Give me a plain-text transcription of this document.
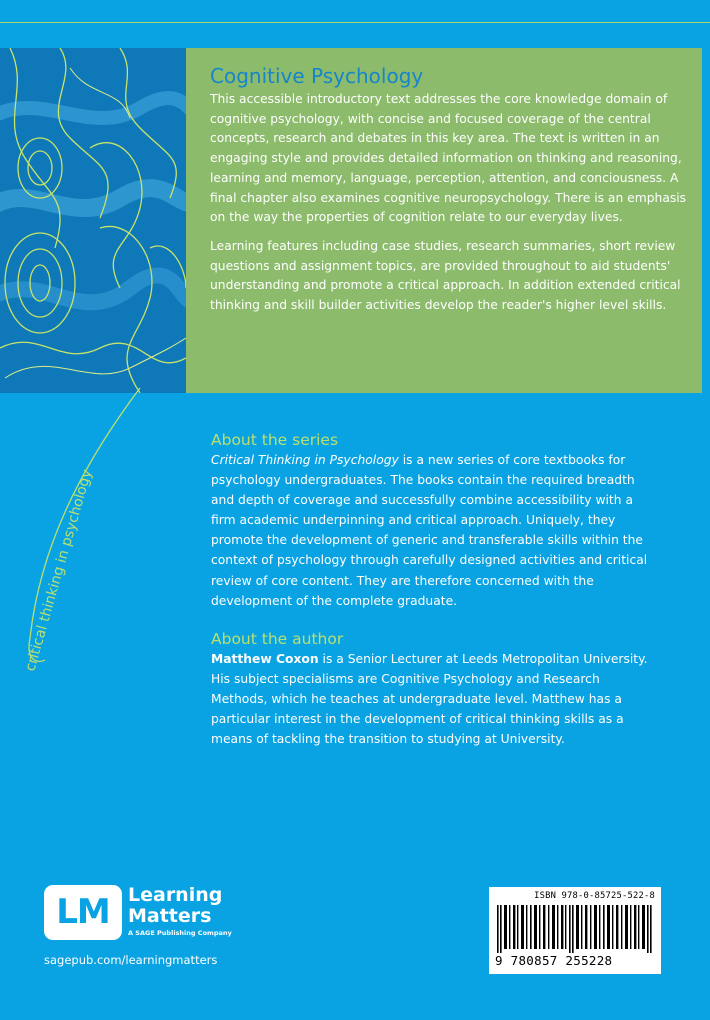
Cognitive Psychology

This accessible introductory text addresses the core knowledge domain of cognitive psychology, with concise and focused coverage of the central concepts, research and debates in this key area. The text is written in an engaging style and provides detailed information on thinking and reasoning, learning and memory, language, perception, attention, and conciousness. A final chapter also examines cognitive neuropsychology. There is an emphasis on the way the properties of cognition relate to our everyday lives.

Learning features including case studies, research summaries, short review questions and assignment topics, are provided throughout to aid students' understanding and promote a critical approach. In addition extended critical thinking and skill builder activities develop the reader's higher level skills.

critical thinking in psychology
About the series

Critical Thinking in Psychology is a new series of core textbooks for psychology undergraduates. The books contain the required breadth and depth of coverage and successfully combine accessibility with a firm academic underpinning and critical approach. Uniquely, they promote the development of generic and transferable skills within the context of psychology through carefully designed activities and critical review of core content. They are therefore concerned with the development of the complete graduate.

About the author

Matthew Coxon is a Senior Lecturer at Leeds Metropolitan University. His subject specialisms are Cognitive Psychology and Research Methods, which he teaches at undergraduate level. Matthew has a particular interest in the development of critical thinking skills as a means of tackling the transition to studying at University.

LM Learning Matters
A SAGE Publishing Company
sagepub.com/learningmatters
ISBN 978-0-85725-522-8
9 780857 255228
